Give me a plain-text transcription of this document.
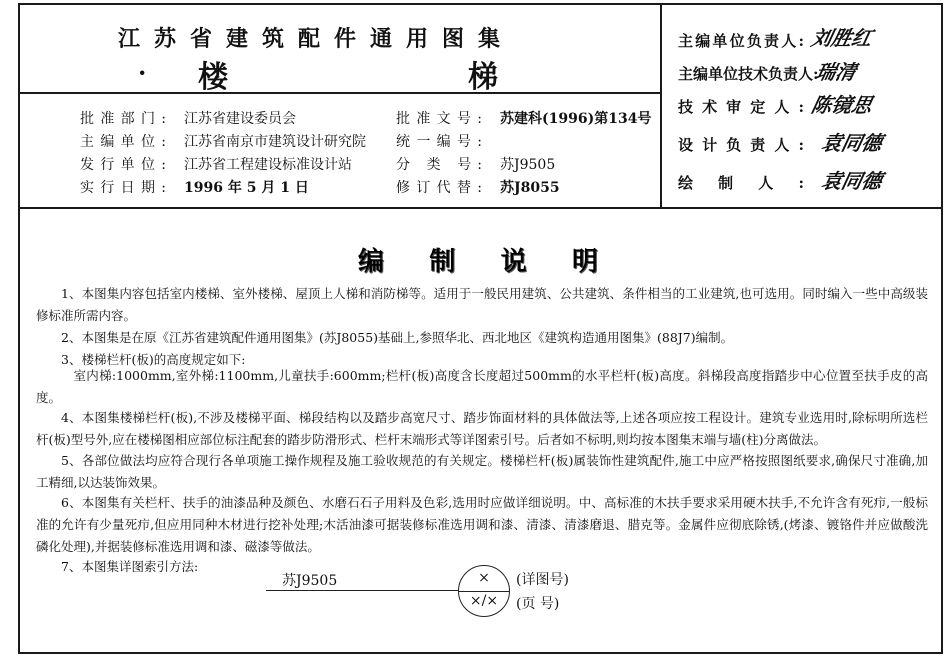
江苏省建筑配件通用图集
· 楼	梯
批准部门: 江苏省建设委员会
主编单位: 江苏省南京市建筑设计研究院
发行单位: 江苏省工程建设标准设计站
实行日期: 1996 年 5 月 1 日
批准文号: 苏建科(1996)第134号
统一编号:
分 类 号: 苏J9505
修订代替: 苏J8055
主编单位负责人: 刘胜红
主编单位技术负责人:
瑞清
技术审定人: 陈镜思
设计负责人: 袁同德
绘制人: 袁同德
编 制 说 明
1、本图集内容包括室内楼梯、室外楼梯、屋顶上人梯和消防梯等。适用于一般民用建筑、公共建筑、条件相当的工业建筑,也可选用。同时编入一些中高级装修标准所需内容。
2、本图集是在原《江苏省建筑配件通用图集》(苏J8055)基础上,参照华北、西北地区《建筑构造通用图集》(88J7)编制。
3、楼梯栏杆(板)的高度规定如下:
室内梯:1000mm,室外梯:1100mm,儿童扶手:600mm;栏杆(板)高度含长度超过500mm的水平栏杆(板)高度。斜梯段高度指踏步中心位置至扶手皮的高度。
4、本图集楼梯栏杆(板),不涉及楼梯平面、梯段结构以及踏步高宽尺寸、踏步饰面材料的具体做法等,上述各项应按工程设计。建筑专业选用时,除标明所选栏杆(板)型号外,应在楼梯图相应部位标注配套的踏步防滑形式、栏杆末端形式等详图索引号。后者如不标明,则均按本图集末端与墙(柱)分离做法。
5、各部位做法均应符合现行各单项施工操作规程及施工验收规范的有关规定。楼梯栏杆(板)属装饰性建筑配件,施工中应严格按照图纸要求,确保尺寸准确,加工精细,以达装饰效果。
6、本图集有关栏杆、扶手的油漆品种及颜色、水磨石石子用料及色彩,选用时应做详细说明。中、高标准的木扶手要求采用硬木扶手,不允许含有死疖,一般标准的允许有少量死疖,但应用同种木材进行挖补处理;木活油漆可据装修标准选用调和漆、清漆、清漆磨退、腊克等。金属件应彻底除锈,(烤漆、镀铬件并应做酸洗磷化处理),并据装修标准选用调和漆、磁漆等做法。
7、本图集详图索引方法:
苏J9505	×
×/×
(详图号)
(页 号)
